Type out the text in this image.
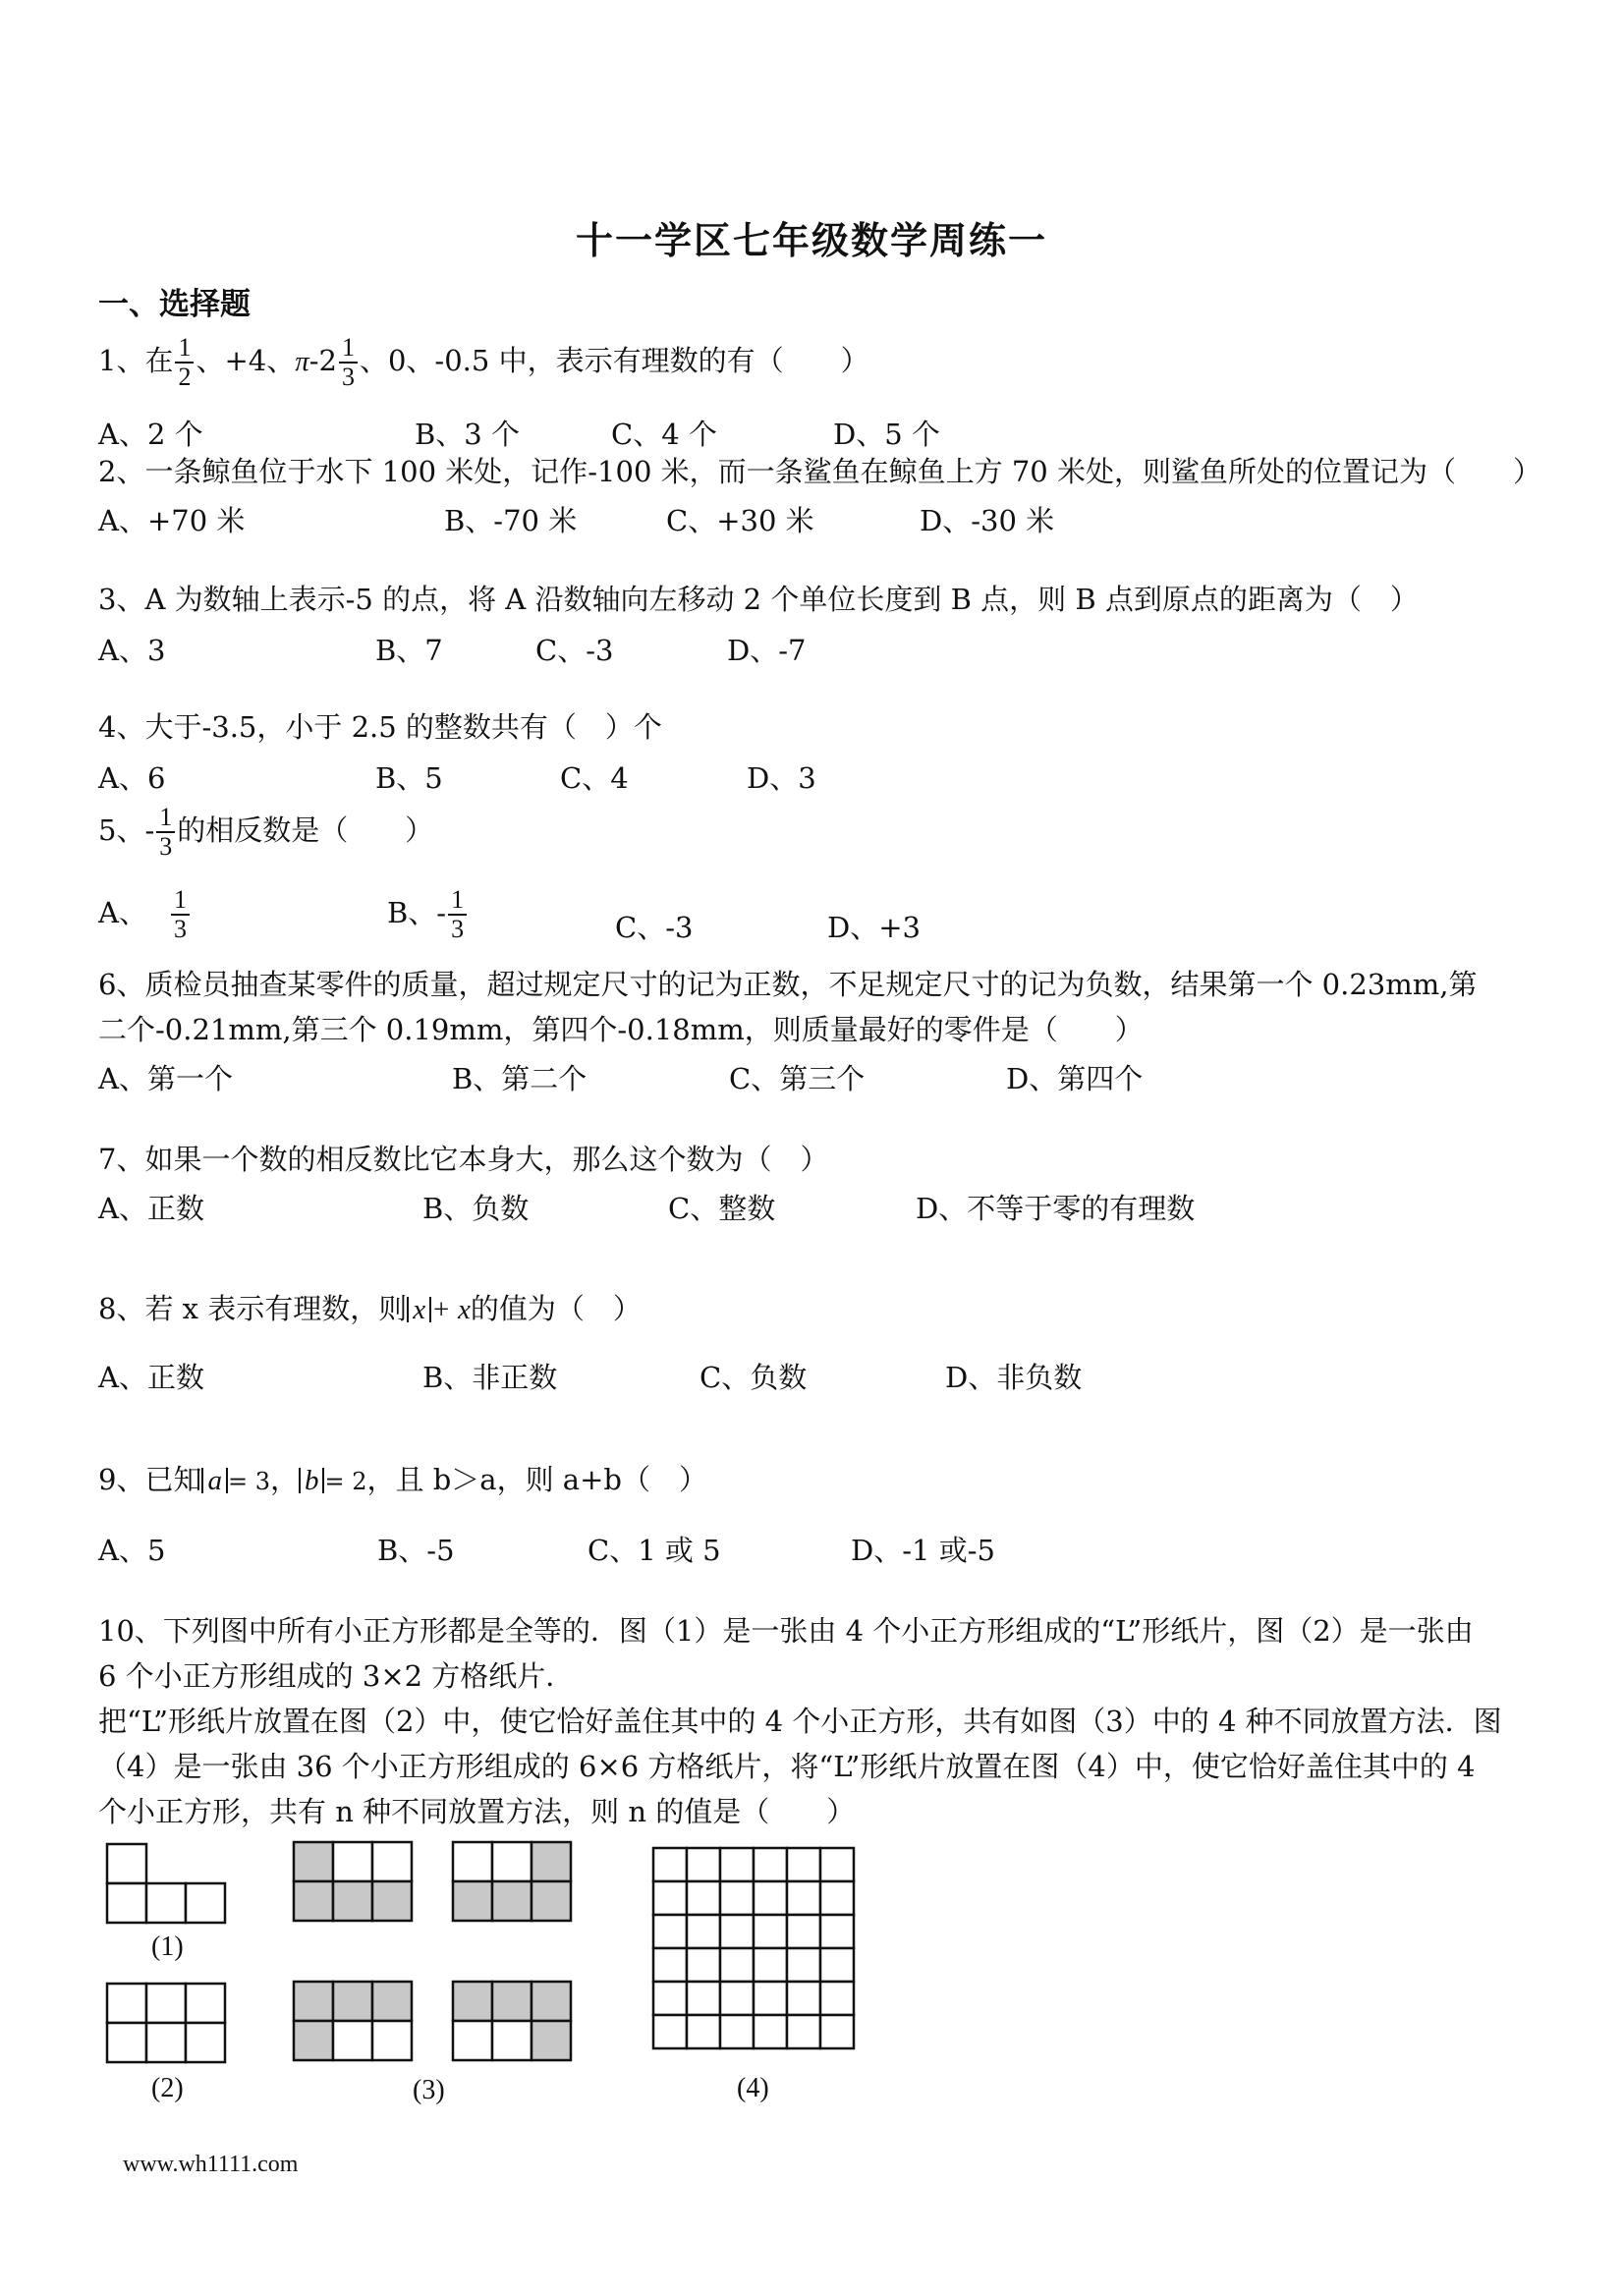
十一学区七年级数学周练一
一、选择题
1、在 $\frac{1}{2}$ 、+4、$\pi-2 \frac{1}{3}$ 、0、-0.5 中，表示有理数的有（　　）
A、2 个	B、3 个	C、4 个	D、5 个
2、一条鲸鱼位于水下 100 米处，记作-100 米，而一条鲨鱼在鲸鱼上方 70 米处，则鲨鱼所处的位置记为（　　）
A、+70 米	B、-70 米	C、+30 米	D、-30 米
3、A 为数轴上表示-5 的点，将 A 沿数轴向左移动 2 个单位长度到 B 点，则 B 点到原点的距离为（　）
A、3	B、7	C、-3	D、-7
4、大于-3.5，小于 2.5 的整数共有（　）个
A、6	B、5	C、4	D、3
5、- $\frac{1}{3}$ 的相反数是（　　）
A、 $\frac{1}{3}$	B、- $\frac{1}{3}$	C、-3	D、+3
6、质检员抽查某零件的质量，超过规定尺寸的记为正数，不足规定尺寸的记为负数，结果第一个 0.23mm,第
二个-0.21mm,第三个 0.19mm，第四个-0.18mm，则质量最好的零件是（　　）
A、第一个	B、第二个	C、第三个	D、第四个
7、如果一个数的相反数比它本身大，那么这个数为（　）
A、正数	B、负数	C、整数	D、不等于零的有理数
8、若 x 表示有理数，则 x + x的值为（　）
A、正数	B、非正数	C、负数	D、非负数
9、已知 a = 3， b = 2，且 b＞a，则 a+b（　）
A、5	B、-5	C、1 或 5	D、-1 或-5
10、下列图中所有小正方形都是全等的．图（1）是一张由 4 个小正方形组成的“L”形纸片，图（2）是一张由
6 个小正方形组成的 3×2 方格纸片．
把“L”形纸片放置在图（2）中，使它恰好盖住其中的 4 个小正方形，共有如图（3）中的 4 种不同放置方法．图
（4）是一张由 36 个小正方形组成的 6×6 方格纸片，将“L”形纸片放置在图（4）中，使它恰好盖住其中的 4
个小正方形，共有 n 种不同放置方法，则 n 的值是（　　）
(1)
(2)	(3)	(4)
www.wh1111.com
